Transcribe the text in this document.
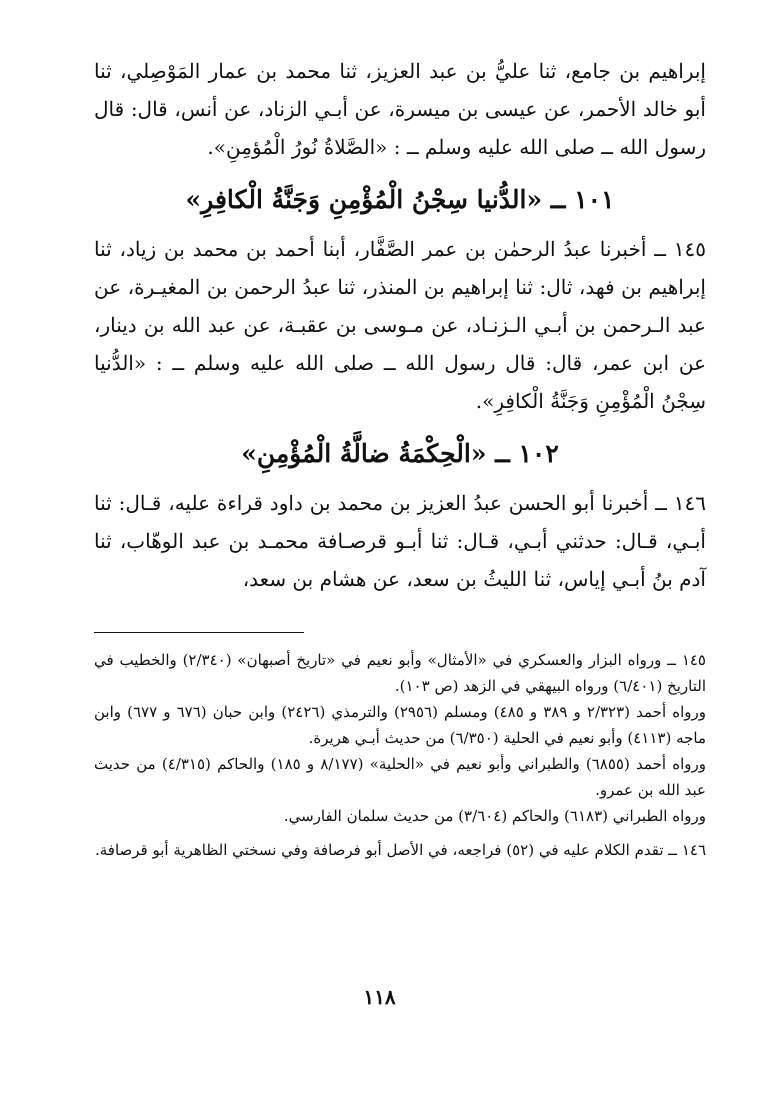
إبراهيم بن جامع، ثنا عليُّ بن عبد العزيز، ثنا محمد بن عمار المَوْصِلي، ثنا أبو خالد الأحمر، عن عيسى بن ميسرة، عن أبـي الزناد، عن أنس، قال: قال رسول الله ــ صلى الله عليه وسلم ــ : «الصَّلاةُ نُورُ الْمُؤمِنِ».

١٠١ ــ «الدُّنيا سِجْنُ الْمُؤْمِنِ وَجَنَّةُ الْكافِرِ»

١٤٥ ــ أخبرنا عبدُ الرحمٰن بن عمر الصَّفَّار، أبنا أحمد بن محمد بن زياد، ثنا إبراهيم بن فهد، ثال: ثنا إبراهيم بن المنذر، ثنا عبدُ الرحمن بن المغيـرة، عن عبد الـرحمن بن أبـي الـزنـاد، عن مـوسى بن عقبـة، عن عبد الله بن دينار، عن ابن عمر، قال: قال رسول الله ــ صلى الله عليه وسلم ــ : «الدُّنيا سِجْنُ الْمُؤْمِنِ وَجَنَّةُ الْكافِرِ».

١٠٢ ــ «الْحِكْمَةُ ضالَّةُ الْمُؤْمِنِ»

١٤٦ ــ أخبرنا أبو الحسن عبدُ العزيز بن محمد بن داود قراءة عليه، قـال: ثنا أبـي، قـال: حدثني أبـي، قـال: ثنا أبـو قرصـافة محمـد بن عبد الوهّاب، ثنا آدم بنُ أبـي إياس، ثنا الليثُ بن سعد، عن هشام بن سعد،

١٤٥ ــ ورواه البزار والعسكري في «الأمثال» وأبو نعيم في «تاريخ أصبهان» (٢/٣٤٠) والخطيب في التاريخ (٦/٤٠١) ورواه البيهقي في الزهد (ص ١٠٣).

ورواه أحمد (٢/٣٢٣ و ٣٨٩ و ٤٨٥) ومسلم (٢٩٥٦) والترمذي (٢٤٢٦) وابن حبان (٦٧٦ و ٦٧٧) وابن ماجه (٤١١٣) وأبو نعيم في الحلية (٦/٣٥٠) من حديث أبـي هريرة.

ورواه أحمد (٦٨٥٥) والطبراني وأبو نعيم في «الحلية» (٨/١٧٧ و ١٨٥) والحاكم (٤/٣١٥) من حديث عبد الله بن عمرو.

ورواه الطبراني (٦١٨٣) والحاكم (٣/٦٠٤) من حديث سلمان الفارسي.

١٤٦ ــ تقدم الكلام عليه في (٥٢) فراجعه، في الأصل أبو فرصافة وفي نسختي الظاهرية أبو قرصافة.

١١٨
